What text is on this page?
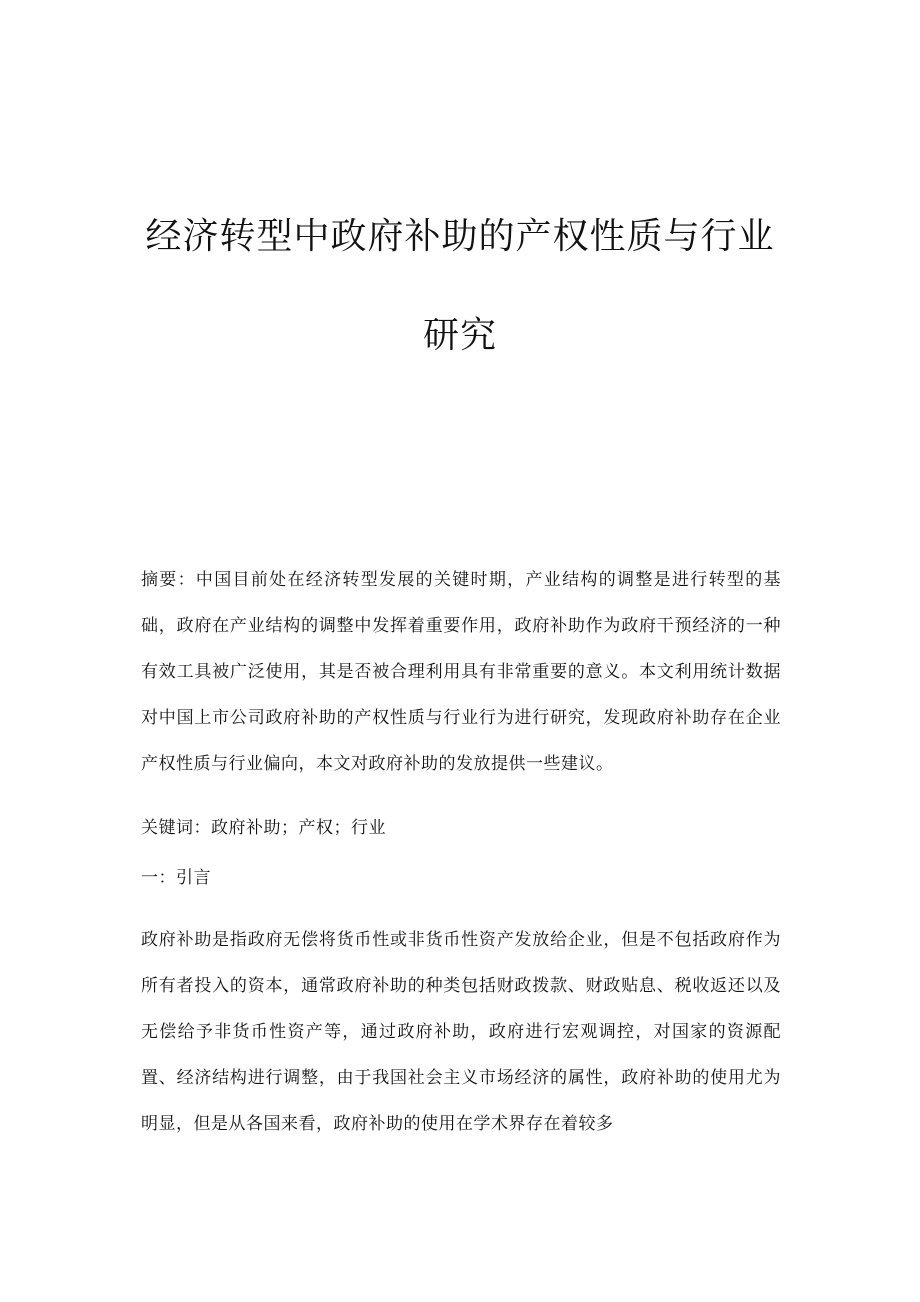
经济转型中政府补助的产权性质与行业
研究

摘要：中国目前处在经济转型发展的关键时期，产业结构的调整是进行转型的基础，政府在产业结构的调整中发挥着重要作用，政府补助作为政府干预经济的一种有效工具被广泛使用，其是否被合理利用具有非常重要的意义。本文利用统计数据对中国上市公司政府补助的产权性质与行业行为进行研究，发现政府补助存在企业产权性质与行业偏向，本文对政府补助的发放提供一些建议。

关键词：政府补助；产权；行业

一：引言

政府补助是指政府无偿将货币性或非货币性资产发放给企业，但是不包括政府作为所有者投入的资本，通常政府补助的种类包括财政拨款、财政贴息、税收返还以及无偿给予非货币性资产等，通过政府补助，政府进行宏观调控，对国家的资源配置、经济结构进行调整，由于我国社会主义市场经济的属性，政府补助的使用尤为明显，但是从各国来看，政府补助的使用在学术界存在着较多
